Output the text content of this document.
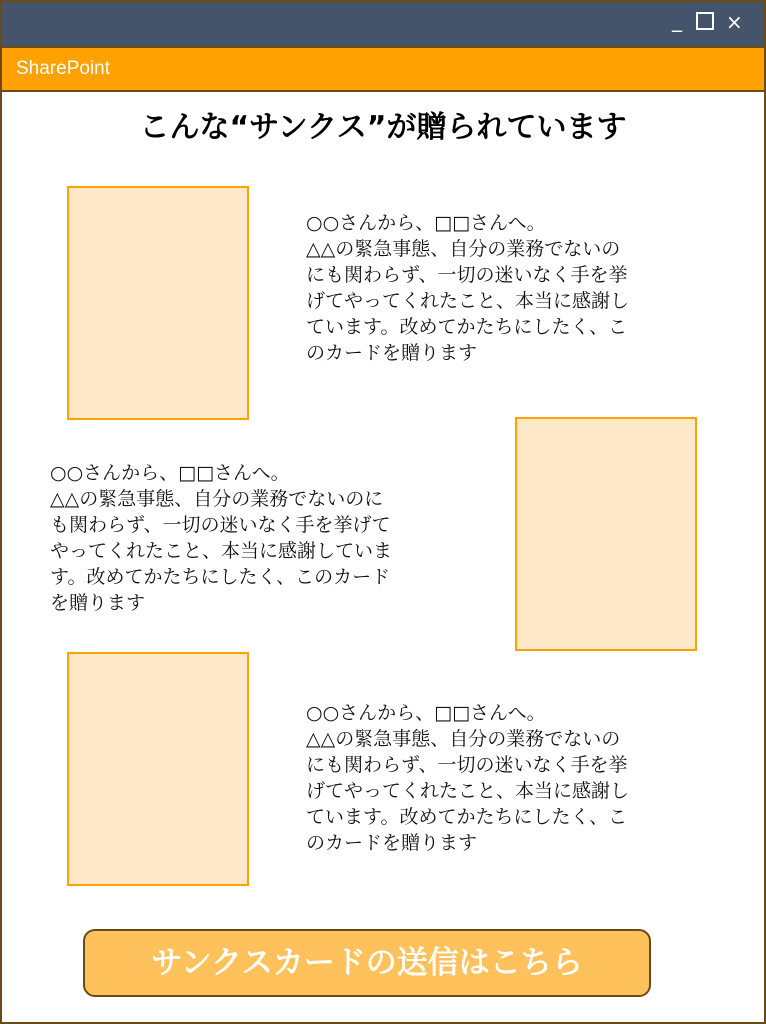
_ ×
SharePoint
こんな“サンクス”が贈られています

○○さんから、□□さんへ。
△△の緊急事態、自分の業務でないの
にも関わらず、一切の迷いなく手を挙
げてやってくれたこと、本当に感謝し
ています。改めてかたちにしたく、こ
のカードを贈ります

○○さんから、□□さんへ。
△△の緊急事態、自分の業務でないのに
も関わらず、一切の迷いなく手を挙げて
やってくれたこと、本当に感謝していま
す。改めてかたちにしたく、このカード
を贈ります

○○さんから、□□さんへ。
△△の緊急事態、自分の業務でないの
にも関わらず、一切の迷いなく手を挙
げてやってくれたこと、本当に感謝し
ています。改めてかたちにしたく、こ
のカードを贈ります

サンクスカードの送信はこちら
